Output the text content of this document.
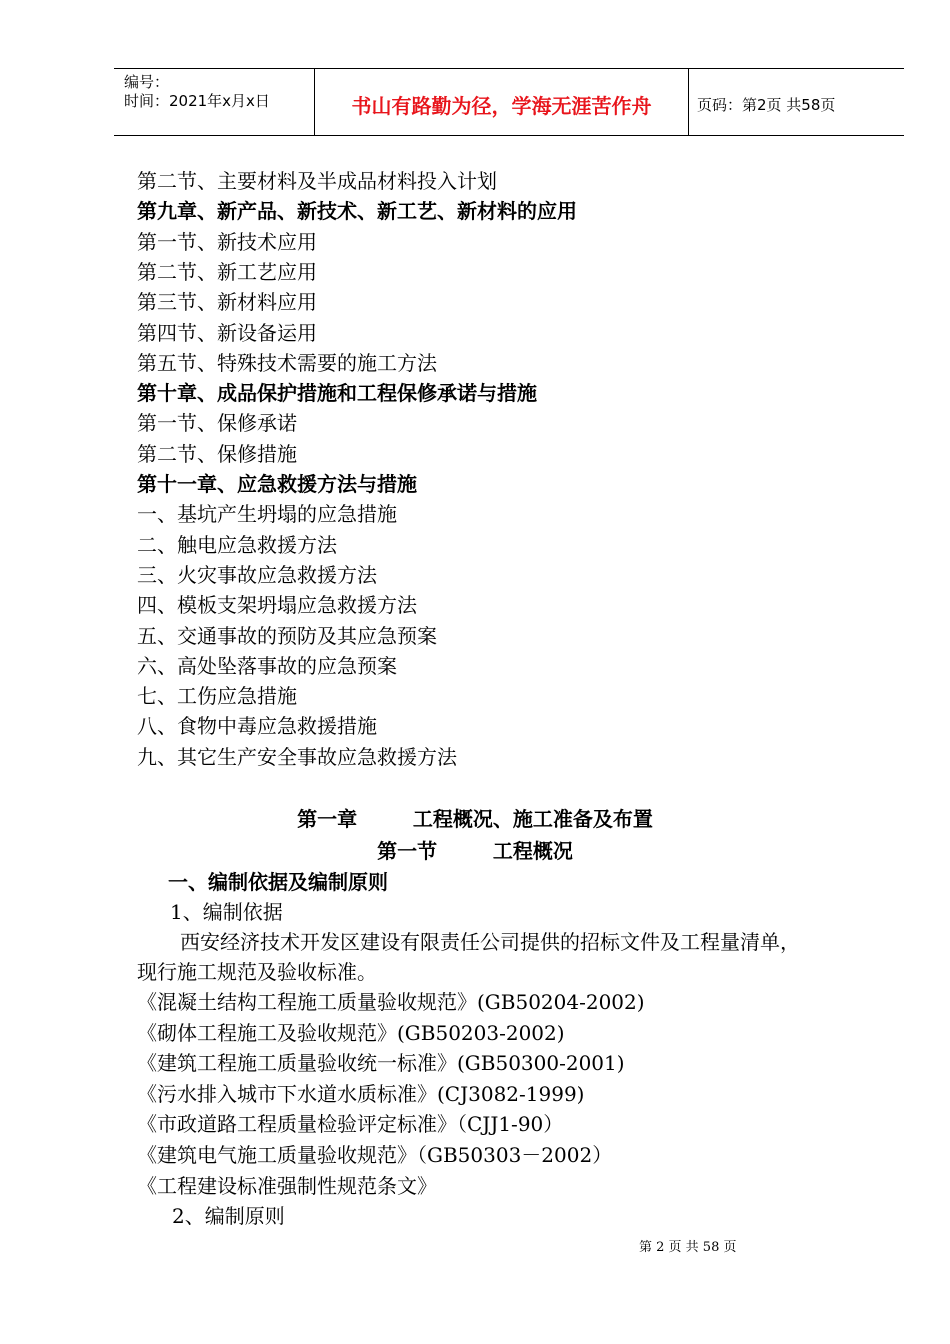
编号：
时间：2021年x月x日	书山有路勤为径，学海无涯苦作舟	页码：第2页 共58页
第二节、主要材料及半成品材料投入计划
第九章、新产品、新技术、新工艺、新材料的应用
第一节、新技术应用
第二节、新工艺应用
第三节、新材料应用
第四节、新设备运用
第五节、特殊技术需要的施工方法
第十章、成品保护措施和工程保修承诺与措施
第一节、保修承诺
第二节、保修措施
第十一章、应急救援方法与措施
一、基坑产生坍塌的应急措施
二、触电应急救援方法
三、火灾事故应急救援方法
四、模板支架坍塌应急救援方法
五、交通事故的预防及其应急预案
六、高处坠落事故的应急预案
七、工伤应急措施
八、食物中毒应急救援措施
九、其它生产安全事故应急救援方法
第一章        工程概况、施工准备及布置
第一节        工程概况
一、编制依据及编制原则
1、编制依据
西安经济技术开发区建设有限责任公司提供的招标文件及工程量清单，
现行施工规范及验收标准。
《混凝土结构工程施工质量验收规范》(GB50204-2002)
《砌体工程施工及验收规范》(GB50203-2002)
《建筑工程施工质量验收统一标准》(GB50300-2001)
《污水排入城市下水道水质标准》(CJ3082-1999)
《市政道路工程质量检验评定标准》（CJJ1-90）
《建筑电气施工质量验收规范》（GB50303－2002）
《工程建设标准强制性规范条文》
2、编制原则
第 2 页 共 58 页
